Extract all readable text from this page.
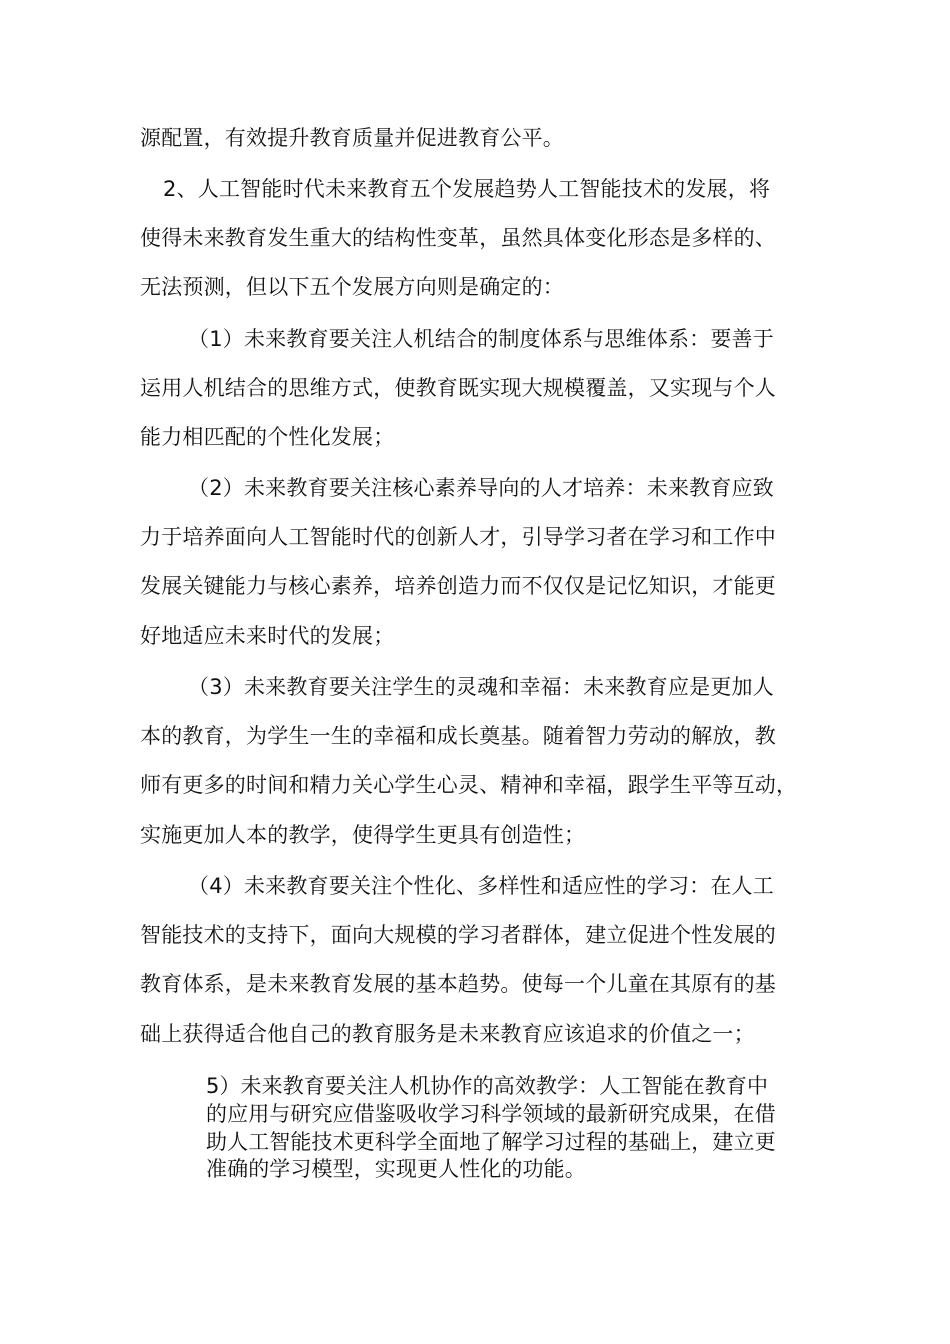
源配置，有效提升教育质量并促进教育公平。
2、人工智能时代未来教育五个发展趋势人工智能技术的发展，将
使得未来教育发生重大的结构性变革，虽然具体变化形态是多样的、
无法预测，但以下五个发展方向则是确定的：
（1）未来教育要关注人机结合的制度体系与思维体系：要善于
运用人机结合的思维方式，使教育既实现大规模覆盖，又实现与个人
能力相匹配的个性化发展；
（2）未来教育要关注核心素养导向的人才培养：未来教育应致
力于培养面向人工智能时代的创新人才，引导学习者在学习和工作中
发展关键能力与核心素养，培养创造力而不仅仅是记忆知识，才能更
好地适应未来时代的发展；
（3）未来教育要关注学生的灵魂和幸福：未来教育应是更加人
本的教育，为学生一生的幸福和成长奠基。随着智力劳动的解放，教
师有更多的时间和精力关心学生心灵、精神和幸福，跟学生平等互动，
实施更加人本的教学，使得学生更具有创造性；
（4）未来教育要关注个性化、多样性和适应性的学习：在人工
智能技术的支持下，面向大规模的学习者群体，建立促进个性发展的
教育体系，是未来教育发展的基本趋势。使每一个儿童在其原有的基
础上获得适合他自己的教育服务是未来教育应该追求的价值之一；
5）未来教育要关注人机协作的高效教学：人工智能在教育中
的应用与研究应借鉴吸收学习科学领域的最新研究成果，在借
助人工智能技术更科学全面地了解学习过程的基础上，建立更
准确的学习模型，实现更人性化的功能。
